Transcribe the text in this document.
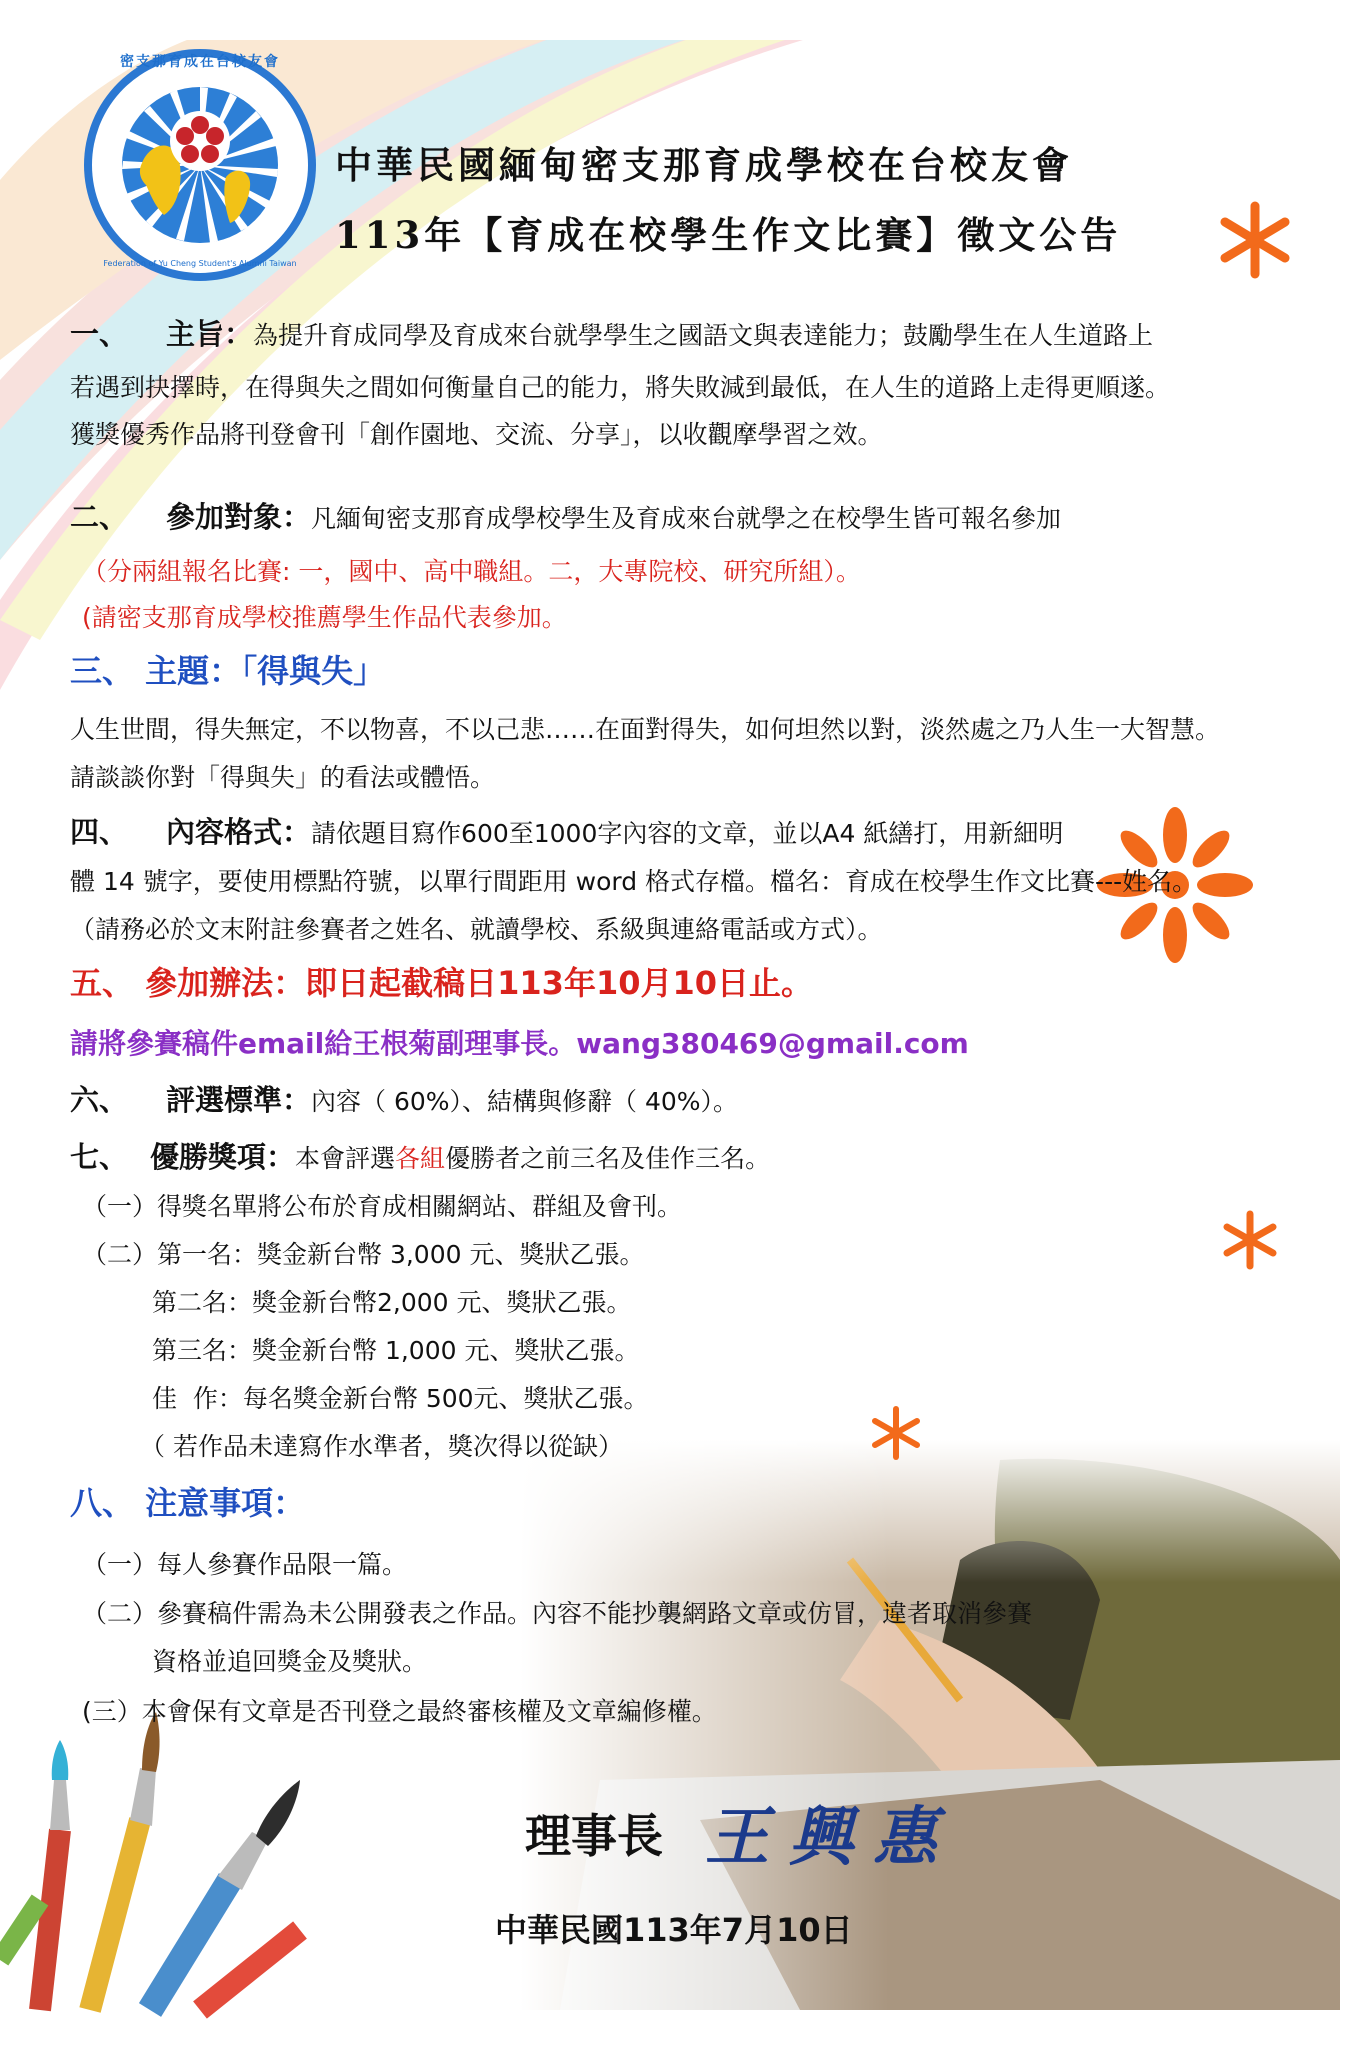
密支那育成在台校友會
Federation of Yu Cheng Student's Alumni Taiwan
中華民國緬甸密支那育成學校在台校友會
113年【育成在校學生作文比賽】徵文公告
一、 主旨：為提升育成同學及育成來台就學學生之國語文與表達能力；鼓勵學生在人生道路上
若遇到抉擇時，在得與失之間如何衡量自己的能力，將失敗減到最低，在人生的道路上走得更順遂。
獲獎優秀作品將刊登會刊「創作園地、交流、分享」，以收觀摩學習之效。
二、 參加對象：凡緬甸密支那育成學校學生及育成來台就學之在校學生皆可報名參加
（分兩組報名比賽: 一，國中、高中職組。二，大專院校、研究所組）。
(請密支那育成學校推薦學生作品代表參加。
三、 主題：「得與失」
人生世間，得失無定，不以物喜，不以己悲……在面對得失，如何坦然以對，淡然處之乃人生一大智慧。
請談談你對「得與失」的看法或體悟。
四、 內容格式：請依題目寫作600至1000字內容的文章，並以A4 紙繕打，用新細明
體 14 號字，要使用標點符號，以單行間距用 word 格式存檔。檔名：育成在校學生作文比賽---姓名。
（請務必於文末附註參賽者之姓名、就讀學校、系級與連絡電話或方式）。
五、 參加辦法：即日起截稿日113年10月10日止。
請將參賽稿件email給王根菊副理事長。wang380469@gmail.com
六、 評選標準：內容（ 60%）、結構與修辭（ 40%）。
七、 優勝獎項：本會評選各組優勝者之前三名及佳作三名。
（一）得獎名單將公布於育成相關網站、群組及會刊。
（二）第一名：獎金新台幣 3,000 元、獎狀乙張。
第二名：獎金新台幣2,000 元、獎狀乙張。
第三名：獎金新台幣 1,000 元、獎狀乙張。
佳  作：每名獎金新台幣 500元、獎狀乙張。
（ 若作品未達寫作水準者，獎次得以從缺）
八、 注意事項：
（一）每人參賽作品限一篇。
（二）參賽稿件需為未公開發表之作品。內容不能抄襲網路文章或仿冒，違者取消參賽
資格並追回獎金及獎狀。
(三）本會保有文章是否刊登之最終審核權及文章編修權。
理事長 王興惠
中華民國113年7月10日
